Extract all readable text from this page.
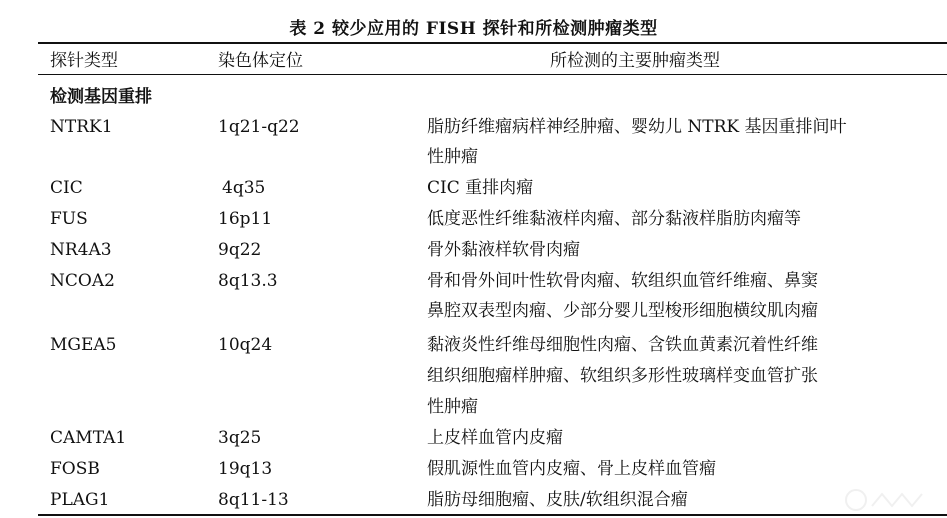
表 2 较少应用的 FISH 探针和所检测肿瘤类型
探针类型	染色体定位	所检测的主要肿瘤类型
检测基因重排
NTRK1	1q21-q22	脂肪纤维瘤病样神经肿瘤、婴幼儿 NTRK 基因重排间叶
性肿瘤
CIC	4q35	CIC 重排肉瘤
FUS	16p11	低度恶性纤维黏液样肉瘤、部分黏液样脂肪肉瘤等
NR4A3	9q22	骨外黏液样软骨肉瘤
NCOA2	8q13.3	骨和骨外间叶性软骨肉瘤、软组织血管纤维瘤、鼻窦
鼻腔双表型肉瘤、少部分婴儿型梭形细胞横纹肌肉瘤
MGEA5	10q24	黏液炎性纤维母细胞性肉瘤、含铁血黄素沉着性纤维
组织细胞瘤样肿瘤、软组织多形性玻璃样变血管扩张
性肿瘤
CAMTA1	3q25	上皮样血管内皮瘤
FOSB	19q13	假肌源性血管内皮瘤、骨上皮样血管瘤
PLAG1	8q11-13	脂肪母细胞瘤、皮肤/软组织混合瘤
